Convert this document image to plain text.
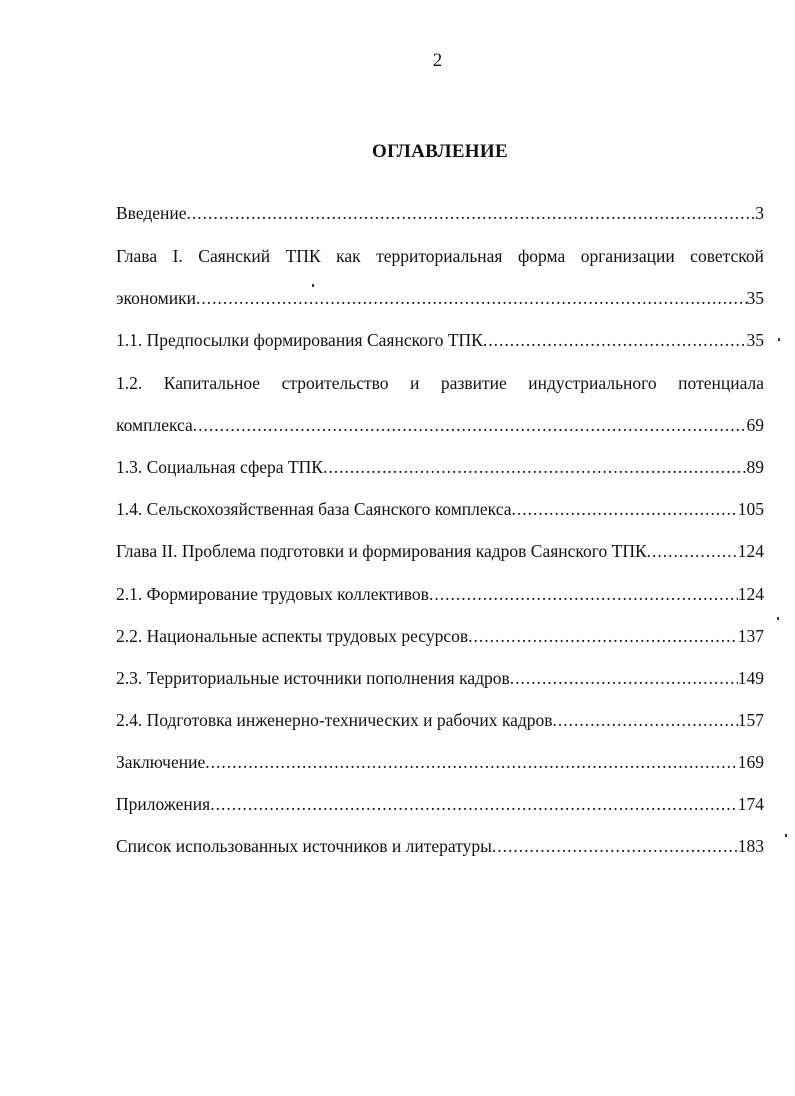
2
ОГЛАВЛЕНИЕ
Введение .....	3
Глава I. Саянский ТПК как территориальная форма организации советской
экономики .....	35
1.1. Предпосылки формирования Саянского ТПК .....	35
1.2. Капитальное строительство и развитие индустриального потенциала
комплекса .....	69
1.3. Социальная сфера ТПК .....	89
1.4. Сельскохозяйственная база Саянского комплекса .....	105
Глава II. Проблема подготовки и формирования кадров Саянского ТПК .....	124
2.1. Формирование трудовых коллективов .....	124
2.2. Национальные аспекты трудовых ресурсов .....	137
2.3. Территориальные источники пополнения кадров .....	149
2.4. Подготовка инженерно-технических и рабочих кадров .....	157
Заключение .....	169
Приложения .....	174
Список использованных источников и литературы .....	183
